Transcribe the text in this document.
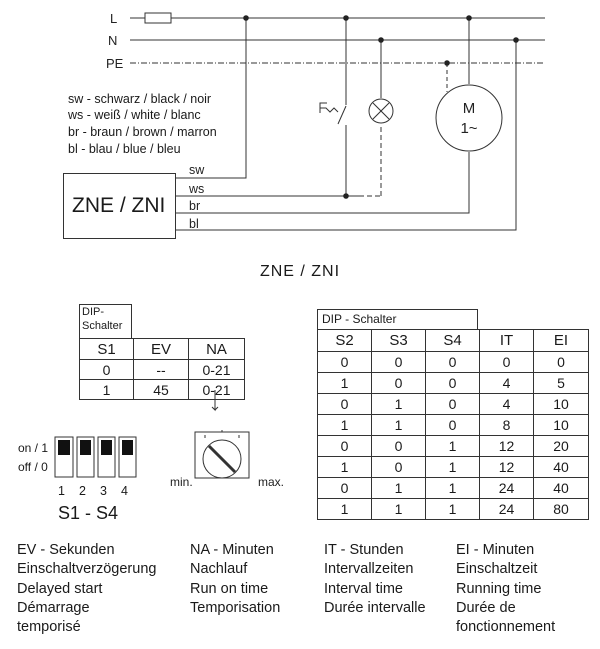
L
N
PE
sw
ws
br
bl
M
1~
sw - schwarz / black / noir
ws - weiß / white / blanc
br - braun / brown / marron
bl - blau / blue / bleu
ZNE / ZNI
ZNE / ZNI
DIP-
Schalter
S1	EV	NA
0	--	0-21
1	45	0-21
min.	max.
on / 1
off / 0
1 2 3 4
S1 - S4
DIP - Schalter
S2	S3	S4	IT	EI
0	0	0	0	0
1	0	0	4	5
0	1	0	4	10
1	1	0	8	10
0	0	1	12	20
1	0	1	12	40
0	1	1	24	40
1	1	1	24	80
EV - Sekunden
Einschaltverzögerung
Delayed start
Démarrage
temporisé
NA - Minuten
Nachlauf
Run on time
Temporisation
IT - Stunden
Intervallzeiten
Interval time
Durée intervalle
EI - Minuten
Einschaltzeit
Running time
Durée de
fonctionnement
